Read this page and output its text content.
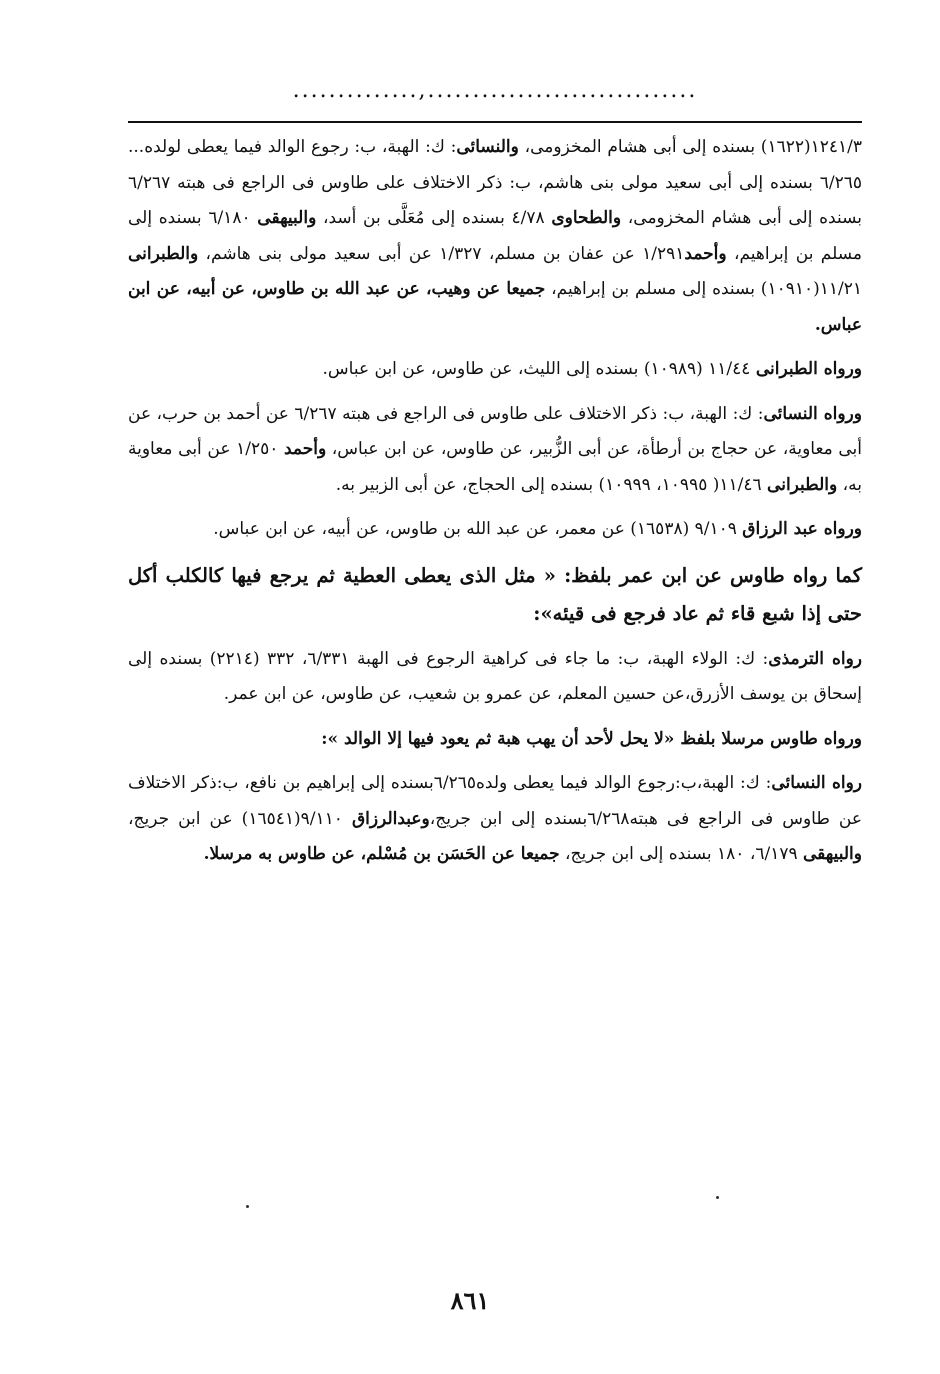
..............,..............................

١٢٤١/٣(١٦٢٢) بسنده إلى أبى هشام المخزومى، والنسائى: ك: الهبة، ب: رجوع الوالد فيما يعطى لولده... ٦/٢٦٥ بسنده إلى أبى سعيد مولى بنى هاشم، ب: ذكر الاختلاف على طاوس فى الراجع فى هبته ٦/٢٦٧ بسنده إلى أبى هشام المخزومى، والطحاوى ٤/٧٨ بسنده إلى مُعَلَّى بن أسد، والبيهقى ٦/١٨٠ بسنده إلى مسلم بن إبراهيم، وأحمد١/٢٩١ عن عفان بن مسلم، ١/٣٢٧ عن أبى سعيد مولى بنى هاشم، والطبرانى ١١/٢١(١٠٩١٠) بسنده إلى مسلم بن إبراهيم، جميعا عن وهيب، عن عبد الله بن طاوس، عن أبيه، عن ابن عباس.

ورواه الطبرانى ١١/٤٤ (١٠٩٨٩) بسنده إلى الليث، عن طاوس، عن ابن عباس.

ورواه النسائى: ك: الهبة، ب: ذكر الاختلاف على طاوس فى الراجع فى هبته ٦/٢٦٧ عن أحمد بن حرب، عن أبى معاوية، عن حجاج بن أرطأة، عن أبى الزُّبير، عن طاوس، عن ابن عباس، وأحمد ١/٢٥٠ عن أبى معاوية به، والطبرانى ١١/٤٦( ١٠٩٩٥، ١٠٩٩٩) بسنده إلى الحجاج، عن أبى الزبير به.

ورواه عبد الرزاق ٩/١٠٩ (١٦٥٣٨) عن معمر، عن عبد الله بن طاوس، عن أبيه، عن ابن عباس.

كما رواه طاوس عن ابن عمر بلفظ: « مثل الذى يعطى العطية ثم يرجع فيها كالكلب أكل حتى إذا شبع قاء ثم عاد فرجع فى قيئه»:

رواه الترمذى: ك: الولاء الهبة، ب: ما جاء فى كراهية الرجوع فى الهبة ٦/٣٣١، ٣٣٢ (٢٢١٤) بسنده إلى إسحاق بن يوسف الأزرق،عن حسين المعلم، عن عمرو بن شعيب، عن طاوس، عن ابن عمر.

ورواه طاوس مرسلا بلفظ «لا يحل لأحد أن يهب هبة ثم يعود فيها إلا الوالد »:

رواه النسائى: ك: الهبة،ب:رجوع الوالد فيما يعطى ولده٦/٢٦٥بسنده إلى إبراهيم بن نافع، ب:ذكر الاختلاف عن طاوس فى الراجع فى هبته٦/٢٦٨بسنده إلى ابن جريج،وعبدالرزاق ٩/١١٠(١٦٥٤١) عن ابن جريج، والبيهقى ٦/١٧٩، ١٨٠ بسنده إلى ابن جريج، جميعا عن الحَسَن بن مُسْلم، عن طاوس به مرسلا.

٨٦١
